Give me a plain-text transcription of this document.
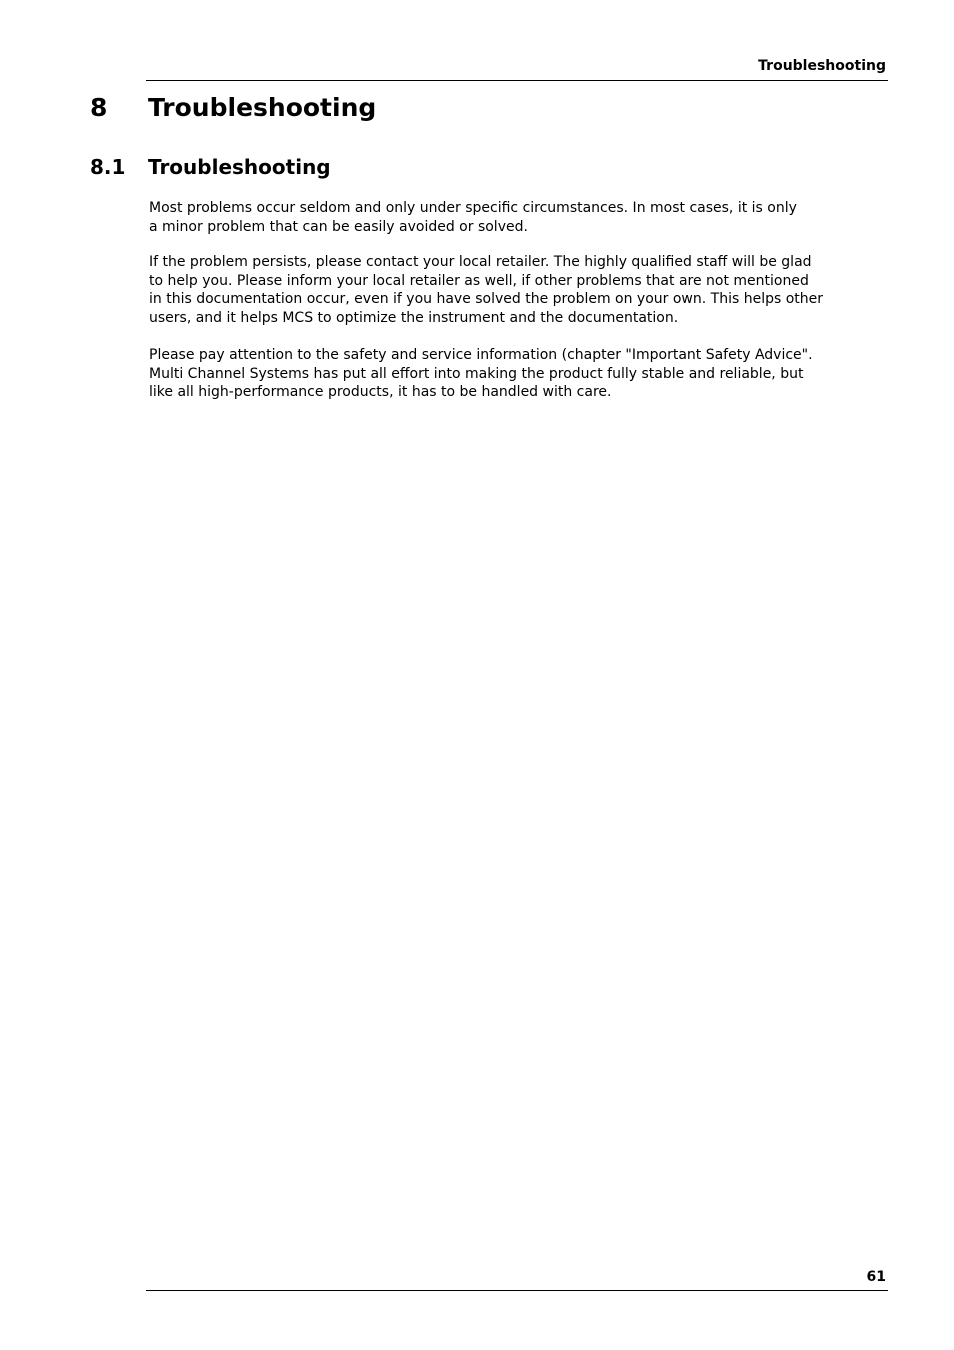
Troubleshooting
8 Troubleshooting
8.1 Troubleshooting
Most problems occur seldom and only under specific circumstances. In most cases, it is only
a minor problem that can be easily avoided or solved.
If the problem persists, please contact your local retailer. The highly qualified staff will be glad
to help you. Please inform your local retailer as well, if other problems that are not mentioned
in this documentation occur, even if you have solved the problem on your own. This helps other
users, and it helps MCS to optimize the instrument and the documentation.
Please pay attention to the safety and service information (chapter "Important Safety Advice".
Multi Channel Systems has put all effort into making the product fully stable and reliable, but
like all high-performance products, it has to be handled with care.
61
